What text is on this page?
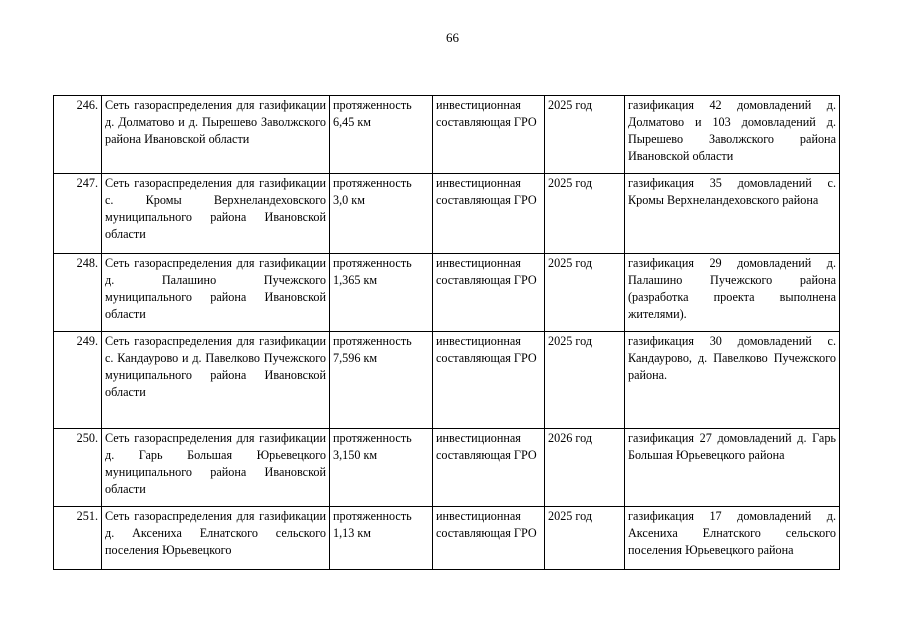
66
246.	Сеть газораспределения для газификации д. Долматово и д. Пырешево Заволжского района Ивановской области	протяженность 6,45 км	инвестиционная составляющая ГРО	2025 год	газификация 42 домовладений д. Долматово и 103 домовладений д. Пырешево Заволжского района Ивановской области
247.	Сеть газораспределения для газификации с. Кромы Верхнеландеховского муниципального района Ивановской области	протяженность 3,0 км	инвестиционная составляющая ГРО	2025 год	газификация 35 домовладений с. Кромы Верхнеландеховского района
248.	Сеть газораспределения для газификации д. Палашино Пучежского муниципального района Ивановской области	протяженность 1,365 км	инвестиционная составляющая ГРО	2025 год	газификация 29 домовладений д. Палашино Пучежского района (разработка проекта выполнена жителями).
249.	Сеть газораспределения для газификации с. Кандаурово и д. Павелково Пучежского муниципального района Ивановской области	протяженность 7,596 км	инвестиционная составляющая ГРО	2025 год	газификация 30 домовладений с. Кандаурово, д. Павелково Пучежского района.
250.	Сеть газораспределения для газификации д. Гарь Большая Юрьевецкого муниципального района Ивановской области	протяженность 3,150 км	инвестиционная составляющая ГРО	2026 год	газификация 27 домовладений д. Гарь Большая Юрьевецкого района
251.	Сеть газораспределения для газификации д. Аксениха Елнатского сельского поселения Юрьевецкого	протяженность 1,13 км	инвестиционная составляющая ГРО	2025 год	газификация 17 домовладений д. Аксениха Елнатского сельского поселения Юрьевецкого района
